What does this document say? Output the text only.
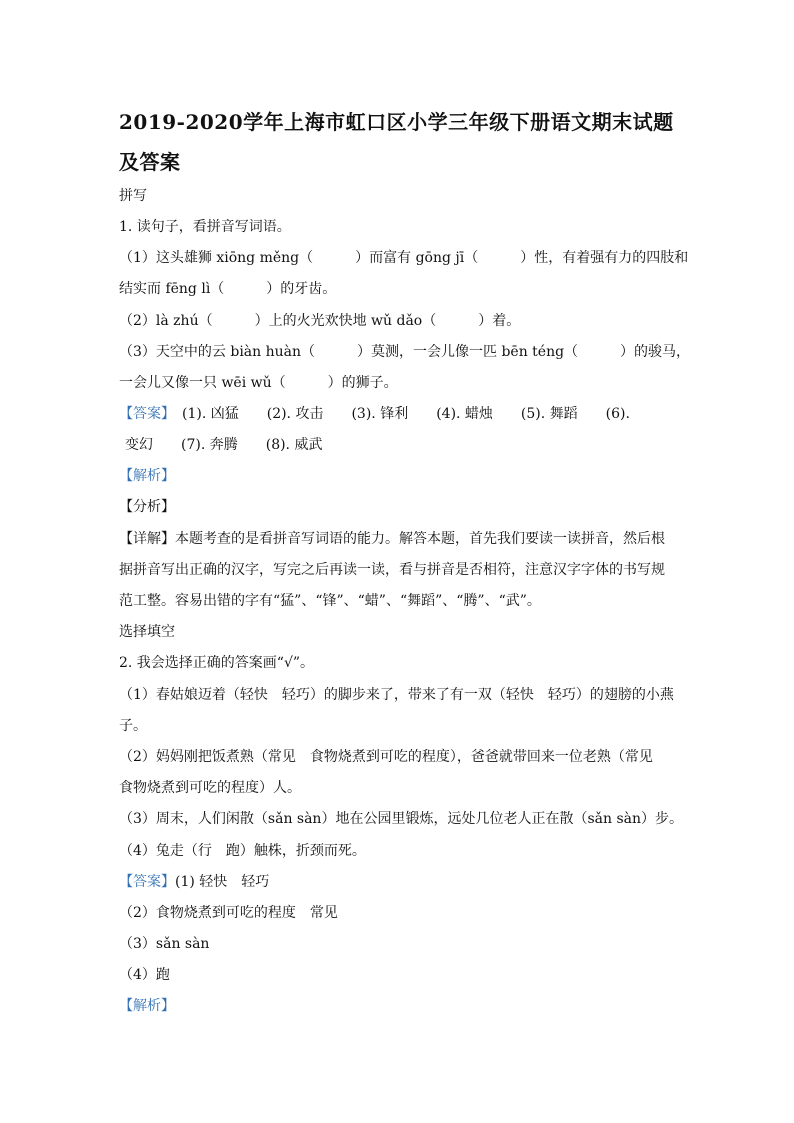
2019-2020学年上海市虹口区小学三年级下册语文期末试题
及答案
拼写
1. 读句子，看拼音写词语。
（1）这头雄狮 xiōng měng（　　　）而富有 gōng jī（　　　）性，有着强有力的四肢和
结实而 fēng lì（　　　）的牙齿。
（2）là zhú（　　　）上的火光欢快地 wǔ dǎo（　　　）着。
（3）天空中的云 biàn huàn（　　　）莫测，一会儿像一匹 bēn téng（　　　）的骏马，
一会儿又像一只 wēi wǔ（　　　）的狮子。
【答案】　(1). 凶猛　　(2). 攻击　　(3). 锋利　　(4). 蜡烛　　(5). 舞蹈　　(6).
变幻　　(7). 奔腾　　(8). 威武
【解析】
【分析】
【详解】本题考查的是看拼音写词语的能力。解答本题，首先我们要读一读拼音，然后根
据拼音写出正确的汉字，写完之后再读一读，看与拼音是否相符，注意汉字字体的书写规
范工整。容易出错的字有“猛”、“锋”、“蜡”、“舞蹈”、“腾”、“武”。
选择填空
2. 我会选择正确的答案画“√”。
（1）春姑娘迈着（轻快　轻巧）的脚步来了，带来了有一双（轻快　轻巧）的翅膀的小燕
子。
（2）妈妈刚把饭煮熟（常见　食物烧煮到可吃的程度），爸爸就带回来一位老熟（常见
食物烧煮到可吃的程度）人。
（3）周末，人们闲散（sǎn sàn）地在公园里锻炼，远处几位老人正在散（sǎn sàn）步。
（4）兔走（行　跑）触株，折颈而死。
【答案】(1) 轻快　轻巧
（2）食物烧煮到可吃的程度　常见
（3）sǎn sàn
（4）跑
【解析】
